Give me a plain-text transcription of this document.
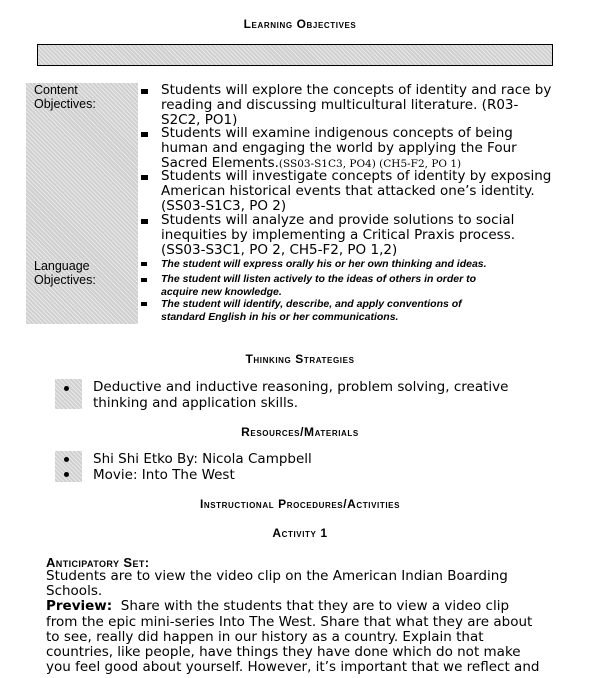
Learning Objectives
Content
Objectives:
Language
Objectives:
Students will explore the concepts of identity and race by
reading and discussing multicultural literature. (R03-
S2C2, PO1)
Students will examine indigenous concepts of being
human and engaging the world by applying the Four
Sacred Elements.(SS03-S1C3, PO4) (CH5-F2, PO 1)
Students will investigate concepts of identity by exposing
American historical events that attacked one’s identity.
(SS03-S1C3, PO 2)
Students will analyze and provide solutions to social
inequities by implementing a Critical Praxis process.
(SS03-S3C1, PO 2, CH5-F2, PO 1,2)
The student will express orally his or her own thinking and ideas.
The student will listen actively to the ideas of others in order to
acquire new knowledge.
The student will identify, describe, and apply conventions of
standard English in his or her communications.
Thinking Strategies
Deductive and inductive reasoning, problem solving, creative
thinking and application skills.
Resources/Materials
Shi Shi Etko By: Nicola Campbell
Movie: Into The West
Instructional Procedures/Activities
Activity 1
Anticipatory Set:
Students are to view the video clip on the American Indian Boarding
Schools.
Preview: Share with the students that they are to view a video clip
from the epic mini-series Into The West. Share that what they are about
to see, really did happen in our history as a country. Explain that
countries, like people, have things they have done which do not make
you feel good about yourself. However, it’s important that we reflect and
